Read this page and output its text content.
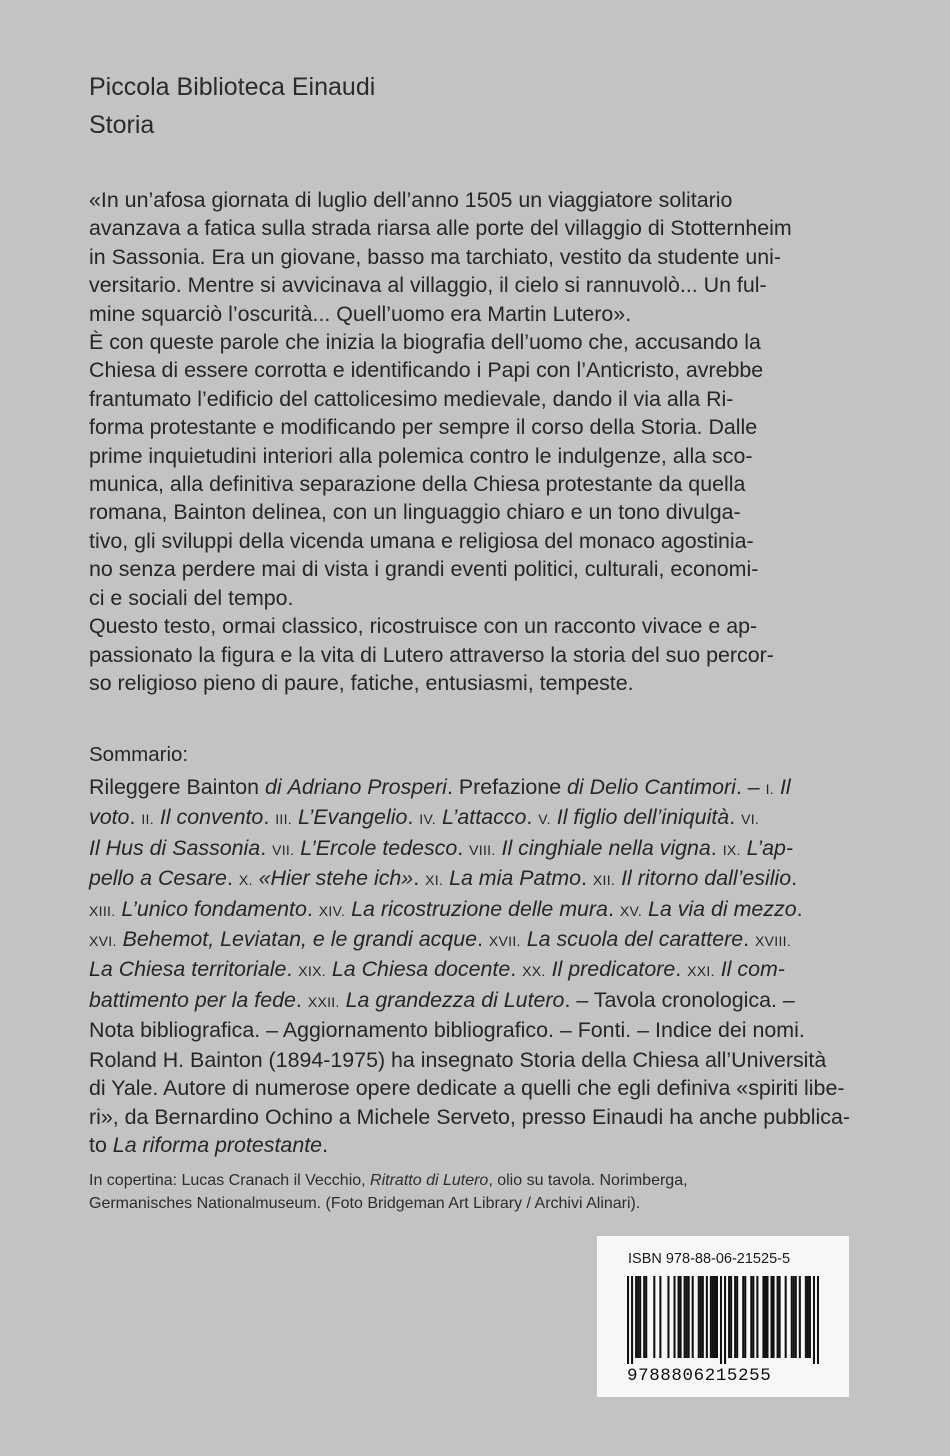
Piccola Biblioteca Einaudi
Storia

«In un’afosa giornata di luglio dell’anno 1505 un viaggiatore solitario

avanzava a fatica sulla strada riarsa alle porte del villaggio di Stotternheim

in Sassonia. Era un giovane, basso ma tarchiato, vestito da studente uni-

versitario. Mentre si avvicinava al villaggio, il cielo si rannuvolò... Un ful-

mine squarciò l’oscurità... Quell’uomo era Martin Lutero».

È con queste parole che inizia la biografia dell’uomo che, accusando la

Chiesa di essere corrotta e identificando i Papi con l’Anticristo, avrebbe

frantumato l’edificio del cattolicesimo medievale, dando il via alla Ri-

forma protestante e modificando per sempre il corso della Storia. Dalle

prime inquietudini interiori alla polemica contro le indulgenze, alla sco-

munica, alla definitiva separazione della Chiesa protestante da quella

romana, Bainton delinea, con un linguaggio chiaro e un tono divulga-

tivo, gli sviluppi della vicenda umana e religiosa del monaco agostinia-

no senza perdere mai di vista i grandi eventi politici, culturali, economi-

ci e sociali del tempo.

Questo testo, ormai classico, ricostruisce con un racconto vivace e ap-

passionato la figura e la vita di Lutero attraverso la storia del suo percor-

so religioso pieno di paure, fatiche, entusiasmi, tempeste.

Sommario:

Rileggere Bainton di Adriano Prosperi. Prefazione di Delio Cantimori. – I. Il

voto. II. Il convento. III. L’Evangelio. IV. L’attacco. V. Il figlio dell’iniquità. VI.

Il Hus di Sassonia. VII. L’Ercole tedesco. VIII. Il cinghiale nella vigna. IX. L’ap-

pello a Cesare. X. «Hier stehe ich». XI. La mia Patmo. XII. Il ritorno dall’esilio.

XIII. L’unico fondamento. XIV. La ricostruzione delle mura. XV. La via di mezzo.

XVI. Behemot, Leviatan, e le grandi acque. XVII. La scuola del carattere. XVIII.

La Chiesa territoriale. XIX. La Chiesa docente. XX. Il predicatore. XXI. Il com-

battimento per la fede. XXII. La grandezza di Lutero. – Tavola cronologica. –

Nota bibliografica. – Aggiornamento bibliografico. – Fonti. – Indice dei nomi.

Roland H. Bainton (1894-1975) ha insegnato Storia della Chiesa all’Università

di Yale. Autore di numerose opere dedicate a quelli che egli definiva «spiriti libe-

ri», da Bernardino Ochino a Michele Serveto, presso Einaudi ha anche pubblica-

to La riforma protestante.

In copertina: Lucas Cranach il Vecchio, Ritratto di Lutero, olio su tavola. Norimberga,

Germanisches Nationalmuseum. (Foto Bridgeman Art Library / Archivi Alinari).

ISBN 978-88-06-21525-5
9788806215255
